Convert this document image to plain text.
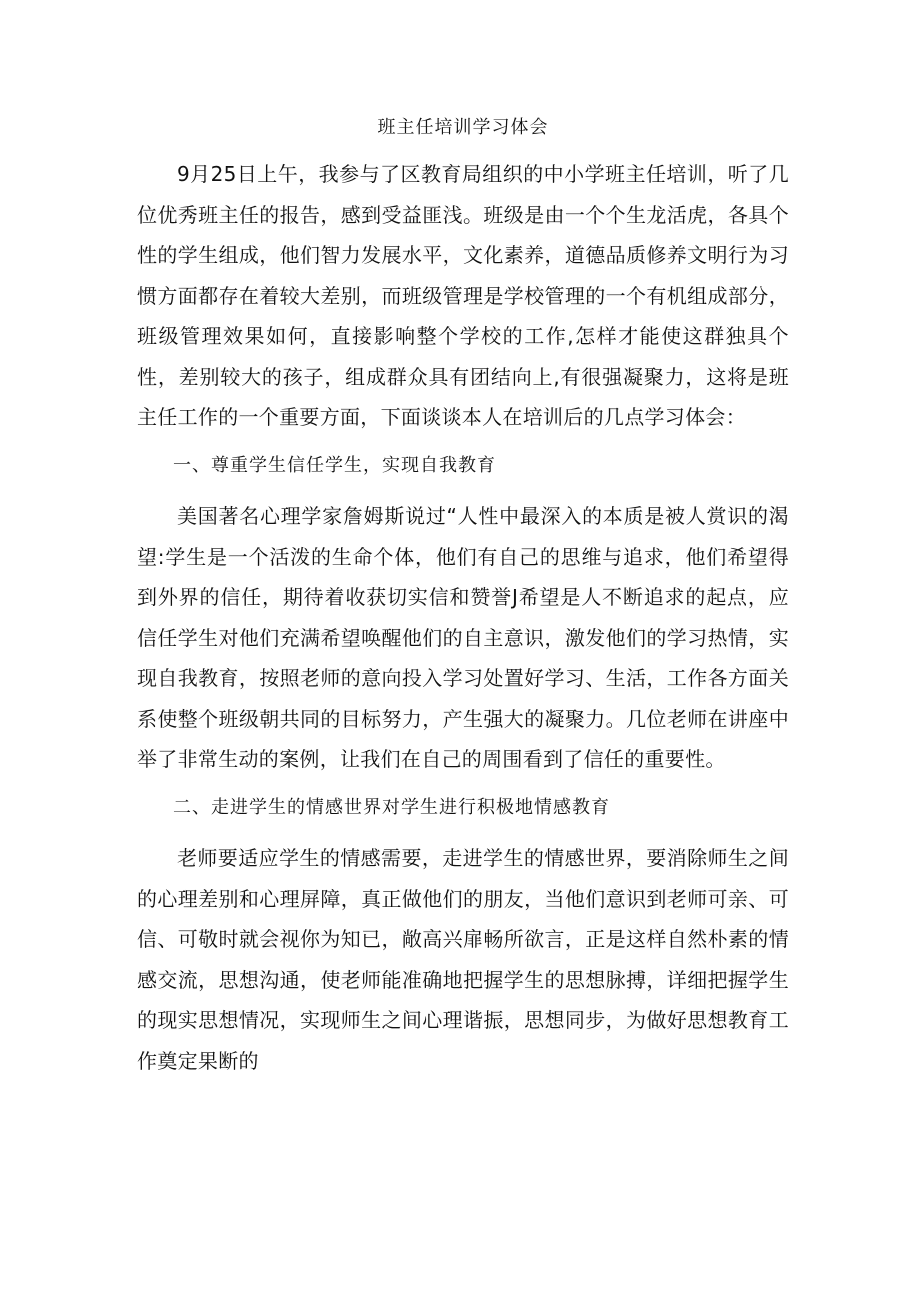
班主任培训学习体会

9月25日上午，我参与了区教育局组织的中小学班主任培训，听了几位优秀班主任的报告，感到受益匪浅。班级是由一个个生龙活虎，各具个性的学生组成，他们智力发展水平，文化素养，道德品质修养文明行为习惯方面都存在着较大差别，而班级管理是学校管理的一个有机组成部分，班级管理效果如何，直接影响整个学校的工作,怎样才能使这群独具个性，差别较大的孩子，组成群众具有团结向上,有很强凝聚力，这将是班主任工作的一个重要方面，下面谈谈本人在培训后的几点学习体会：

一、尊重学生信任学生，实现自我教育

美国著名心理学家詹姆斯说过“人性中最深入的本质是被人赏识的渴望:学生是一个活泼的生命个体，他们有自己的思维与追求，他们希望得到外界的信任，期待着收获切实信和赞誉J希望是人不断追求的起点，应信任学生对他们充满希望唤醒他们的自主意识，激发他们的学习热情，实现自我教育，按照老师的意向投入学习处置好学习、生活，工作各方面关系使整个班级朝共同的目标努力，产生强大的凝聚力。几位老师在讲座中举了非常生动的案例，让我们在自己的周围看到了信任的重要性。

二、走进学生的情感世界对学生进行积极地情感教育

老师要适应学生的情感需要，走进学生的情感世界，要消除师生之间的心理差别和心理屏障，真正做他们的朋友，当他们意识到老师可亲、可信、可敬时就会视你为知已，敞高兴扉畅所欲言，正是这样自然朴素的情感交流，思想沟通，使老师能准确地把握学生的思想脉搏，详细把握学生的现实思想情况，实现师生之间心理谐振，思想同步，为做好思想教育工作奠定果断的
